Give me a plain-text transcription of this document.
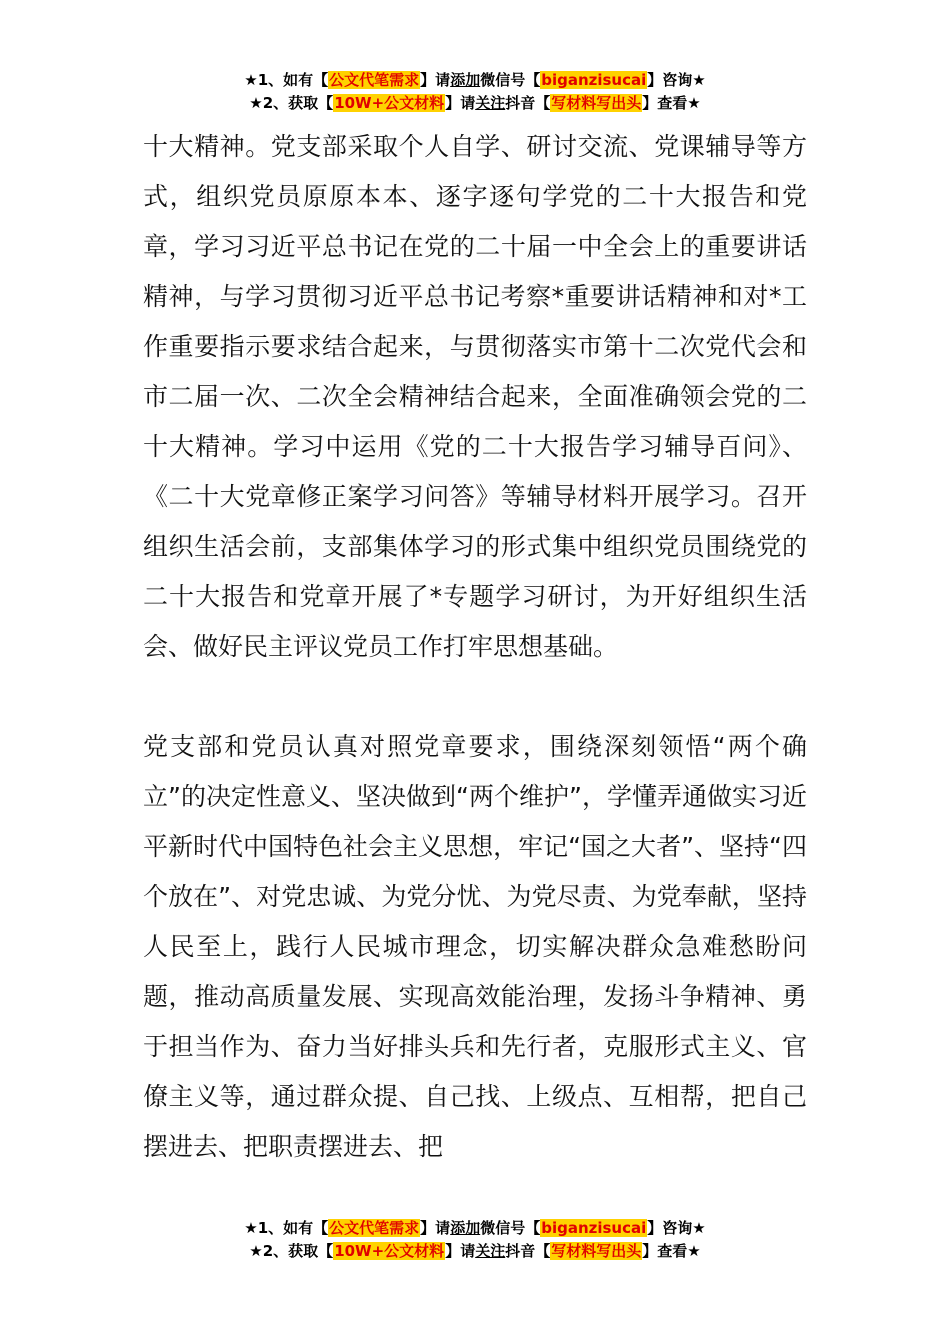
★1、如有【公文代笔需求】请添加微信号【biganzisucai】咨询★
★2、获取【10W+公文材料】请关注抖音【写材料写出头】查看★

十大精神。党支部采取个人自学、研讨交流、党课辅导等方式，组织党员原原本本、逐字逐句学党的二十大报告和党章，学习习近平总书记在党的二十届一中全会上的重要讲话精神，与学习贯彻习近平总书记考察*重要讲话精神和对*工作重要指示要求结合起来，与贯彻落实市第十二次党代会和市二届一次、二次全会精神结合起来，全面准确领会党的二十大精神。学习中运用《党的二十大报告学习辅导百问》、《二十大党章修正案学习问答》等辅导材料开展学习。召开组织生活会前，支部集体学习的形式集中组织党员围绕党的二十大报告和党章开展了*专题学习研讨，为开好组织生活会、做好民主评议党员工作打牢思想基础。

党支部和党员认真对照党章要求，围绕深刻领悟“两个确立”的决定性意义、坚决做到“两个维护”，学懂弄通做实习近平新时代中国特色社会主义思想，牢记“国之大者”、坚持“四个放在”、对党忠诚、为党分忧、为党尽责、为党奉献，坚持人民至上，践行人民城市理念，切实解决群众急难愁盼问题，推动高质量发展、实现高效能治理，发扬斗争精神、勇于担当作为、奋力当好排头兵和先行者，克服形式主义、官僚主义等，通过群众提、自己找、上级点、互相帮，把自己摆进去、把职责摆进去、把

★1、如有【公文代笔需求】请添加微信号【biganzisucai】咨询★
★2、获取【10W+公文材料】请关注抖音【写材料写出头】查看★
